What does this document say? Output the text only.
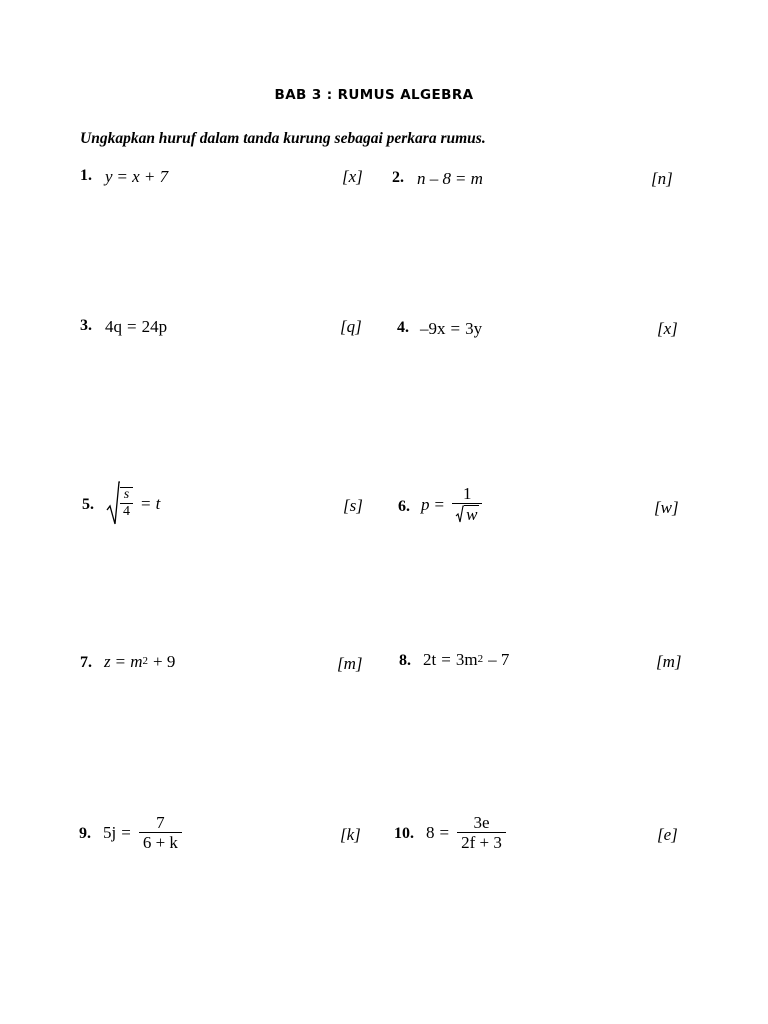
BAB 3 : RUMUS ALGEBRA
Ungkapkan huruf dalam tanda kurung sebagai perkara rumus.
1. y = x + 7	[x] 2. n – 8 = m	[n]
3. 4q = 24p	[q] 4. –9x = 3y	[x]
5. $\frac{s}{4} = t$	[s] 6. $p = \frac{1}{w}$	[w]
7. z = m 2 + 9	[m] 8. 2t = 3m 2 – 7	[m]
9. $5j = \frac{7}{6 + k}$	[k] 10. $8 = \frac{3e}{2f + 3}$	[e]
